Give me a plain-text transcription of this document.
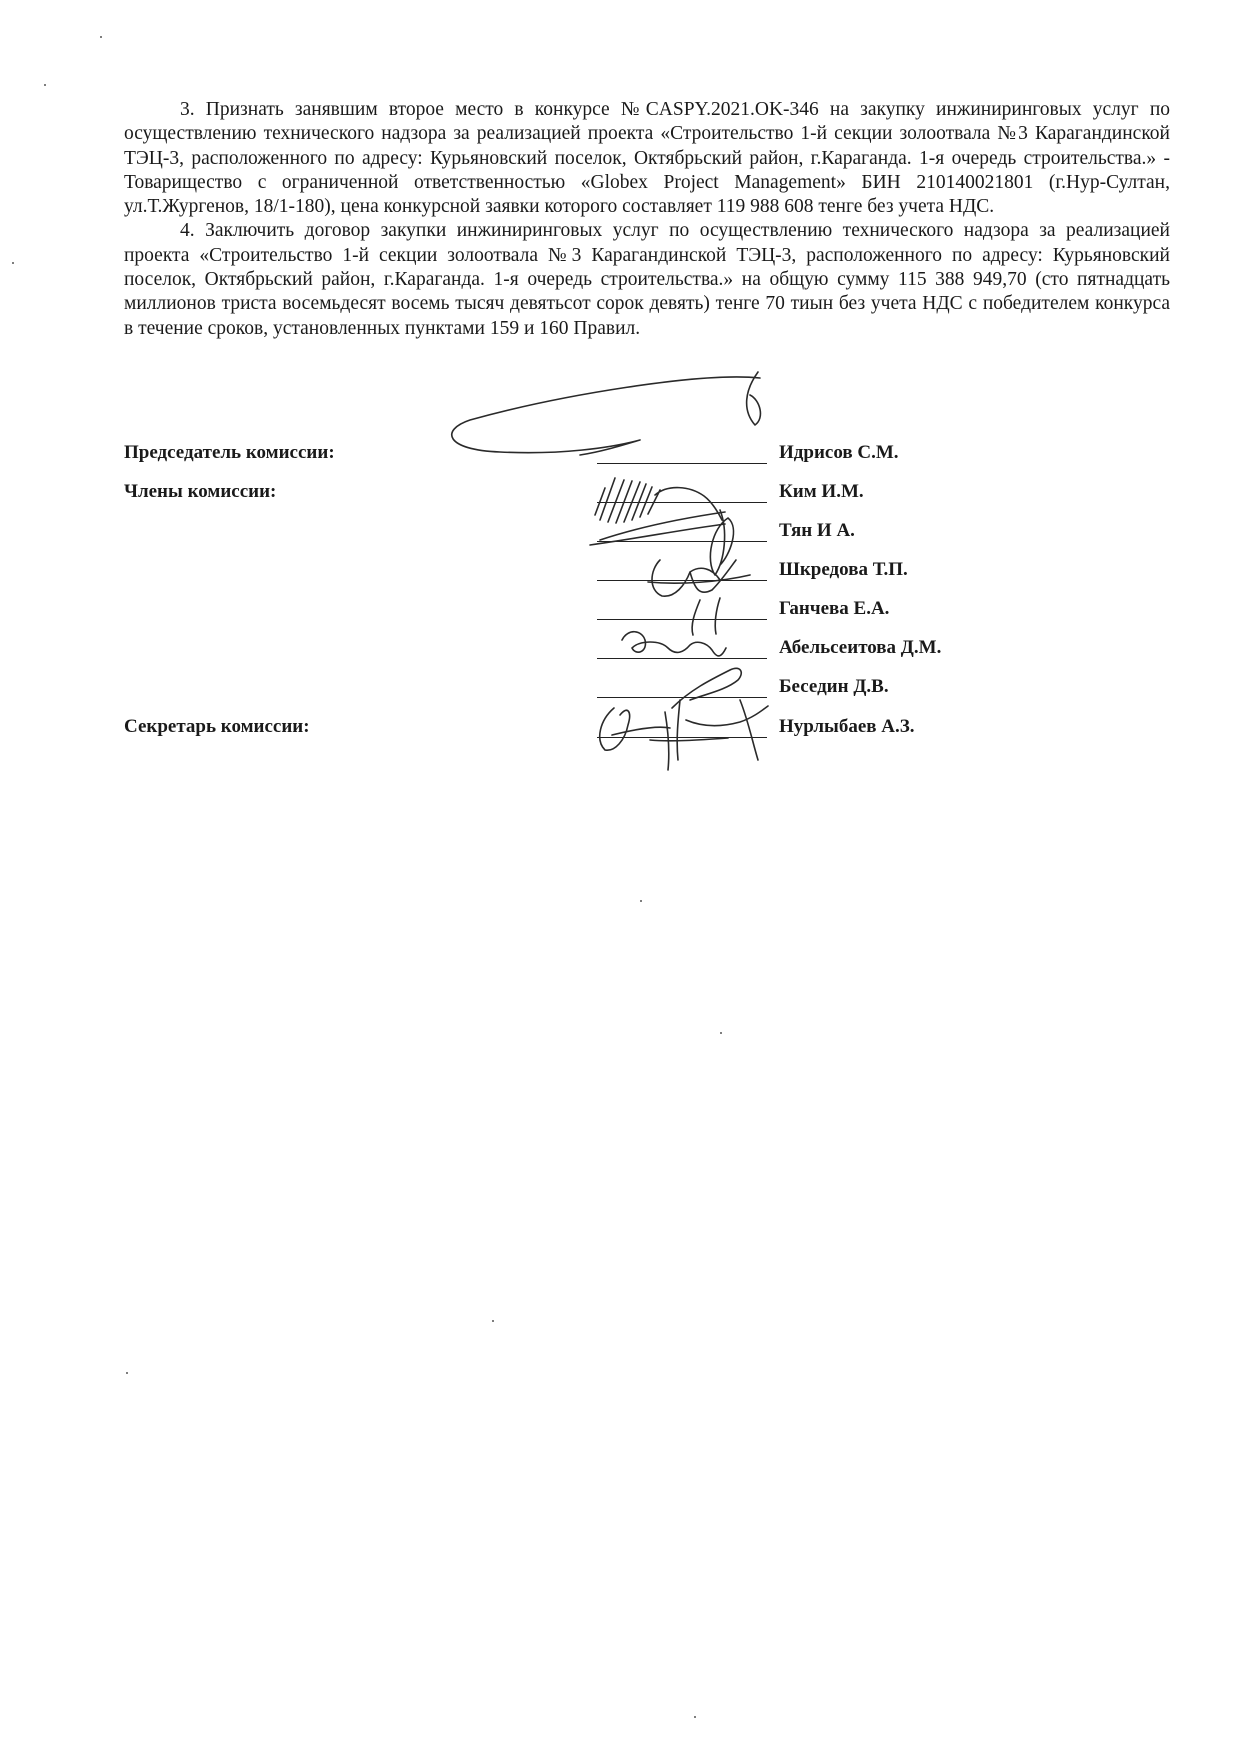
3. Признать занявшим второе место в конкурсе №CASPY.2021.OK-346 на закупку инжиниринговых услуг по осуществлению технического надзора за реализацией проекта «Строительство 1-й секции золоотвала №3 Карагандинской ТЭЦ-3, расположенного по адресу: Курьяновский поселок, Октябрьский район, г.Караганда. 1-я очередь строительства.» - Товарищество с ограниченной ответственностью «Globex Project Management» БИН 210140021801 (г.Нур-Султан, ул.Т.Жургенов, 18/1-180), цена конкурсной заявки которого составляет 119 988 608 тенге без учета НДС.

4. Заключить договор закупки инжиниринговых услуг по осуществлению технического надзора за реализацией проекта «Строительство 1-й секции золоотвала №3 Карагандинской ТЭЦ-3, расположенного по адресу: Курьяновский поселок, Октябрьский район, г.Караганда. 1-я очередь строительства.» на общую сумму 115 388 949,70 (сто пятнадцать миллионов триста восемьдесят восемь тысяч девятьсот сорок девять) тенге 70 тиын без учета НДС с победителем конкурса в течение сроков, установленных пунктами 159 и 160 Правил.

Председатель комиссии:
Члены комиссии:
Секретарь комиссии:
Идрисов С.М.
Ким И.М.
Тян И А.
Шкредова Т.П.
Ганчева Е.А.
Абельсеитова Д.М.
Беседин Д.В.
Нурлыбаев А.З.
